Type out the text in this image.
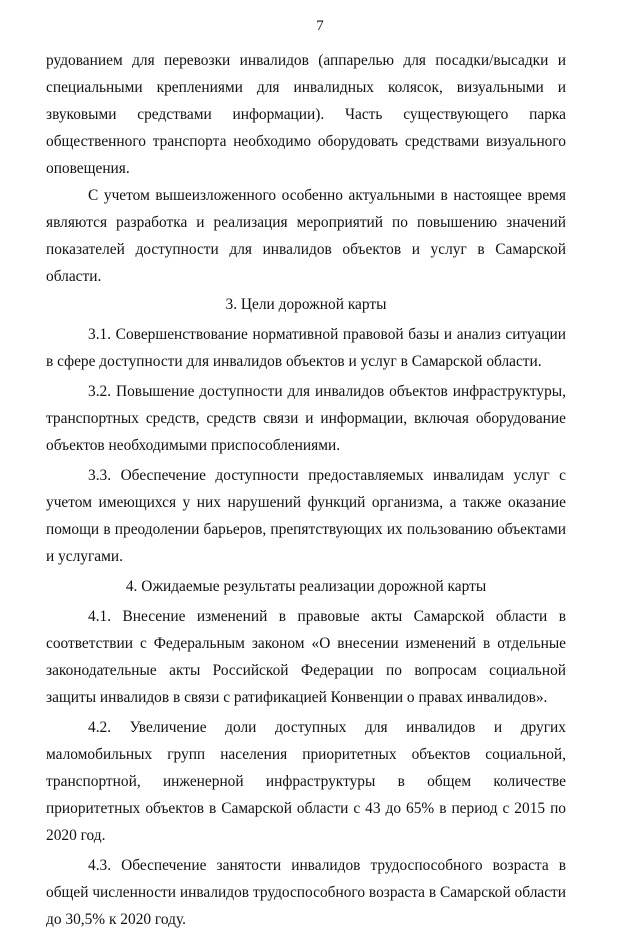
7

рудованием для перевозки инвалидов (аппарелью для посадки/высадки и специальными креплениями для инвалидных колясок, визуальными и звуковыми средствами информации). Часть существующего парка общественного транспорта необходимо оборудовать средствами визуального оповещения.

С учетом вышеизложенного особенно актуальными в настоящее время являются разработка и реализация мероприятий по повышению значений показателей доступности для инвалидов объектов и услуг в Самарской области.

3. Цели дорожной карты

3.1. Совершенствование нормативной правовой базы и анализ ситуации в сфере доступности для инвалидов объектов и услуг в Самарской области.

3.2. Повышение доступности для инвалидов объектов инфраструктуры, транспортных средств, средств связи и информации, включая оборудование объектов необходимыми приспособлениями.

3.3. Обеспечение доступности предоставляемых инвалидам услуг с учетом имеющихся у них нарушений функций организма, а также оказание помощи в преодолении барьеров, препятствующих их пользованию объектами и услугами.

4. Ожидаемые результаты реализации дорожной карты

4.1. Внесение изменений в правовые акты Самарской области в соответствии с Федеральным законом «О внесении изменений в отдельные законодательные акты Российской Федерации по вопросам социальной защиты инвалидов в связи с ратификацией Конвенции о правах инвалидов».

4.2. Увеличение доли доступных для инвалидов и других маломобильных групп населения приоритетных объектов социальной, транспортной, инженерной инфраструктуры в общем количестве приоритетных объектов в Самарской области с 43 до 65% в период с 2015 по 2020 год.

4.3. Обеспечение занятости инвалидов трудоспособного возраста в общей численности инвалидов трудоспособного возраста в Самарской области до 30,5% к 2020 году.
